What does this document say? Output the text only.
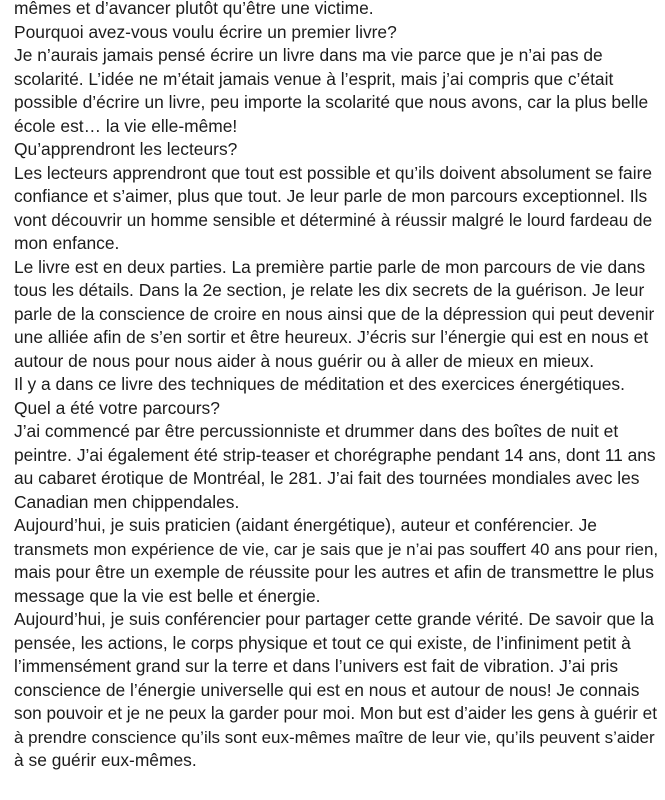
mêmes et d’avancer plutôt qu’être une victime.
Pourquoi avez-vous voulu écrire un premier livre?
Je n’aurais jamais pensé écrire un livre dans ma vie parce que je n’ai pas de
scolarité. L’idée ne m’était jamais venue à l’esprit, mais j’ai compris que c’était
possible d’écrire un livre, peu importe la scolarité que nous avons, car la plus belle
école est… la vie elle-même!
Qu’apprendront les lecteurs?
Les lecteurs apprendront que tout est possible et qu’ils doivent absolument se faire
confiance et s’aimer, plus que tout. Je leur parle de mon parcours exceptionnel. Ils
vont découvrir un homme sensible et déterminé à réussir malgré le lourd fardeau de
mon enfance.
Le livre est en deux parties. La première partie parle de mon parcours de vie dans
tous les détails. Dans la 2e section, je relate les dix secrets de la guérison. Je leur
parle de la conscience de croire en nous ainsi que de la dépression qui peut devenir
une alliée afin de s’en sortir et être heureux. J’écris sur l’énergie qui est en nous et
autour de nous pour nous aider à nous guérir ou à aller de mieux en mieux.
Il y a dans ce livre des techniques de méditation et des exercices énergétiques.
Quel a été votre parcours?
J’ai commencé par être percussionniste et drummer dans des boîtes de nuit et
peintre. J’ai également été strip-teaser et chorégraphe pendant 14 ans, dont 11 ans
au cabaret érotique de Montréal, le 281. J’ai fait des tournées mondiales avec les
Canadian men chippendales.
Aujourd’hui, je suis praticien (aidant énergétique), auteur et conférencier. Je
transmets mon expérience de vie, car je sais que je n’ai pas souffert 40 ans pour rien,
mais pour être un exemple de réussite pour les autres et afin de transmettre le plus
message que la vie est belle et énergie.
Aujourd’hui, je suis conférencier pour partager cette grande vérité. De savoir que la
pensée, les actions, le corps physique et tout ce qui existe, de l’infiniment petit à
l’immensément grand sur la terre et dans l’univers est fait de vibration. J’ai pris
conscience de l’énergie universelle qui est en nous et autour de nous! Je connais
son pouvoir et je ne peux la garder pour moi. Mon but est d’aider les gens à guérir et
à prendre conscience qu’ils sont eux-mêmes maître de leur vie, qu’ils peuvent s’aider
à se guérir eux-mêmes.
